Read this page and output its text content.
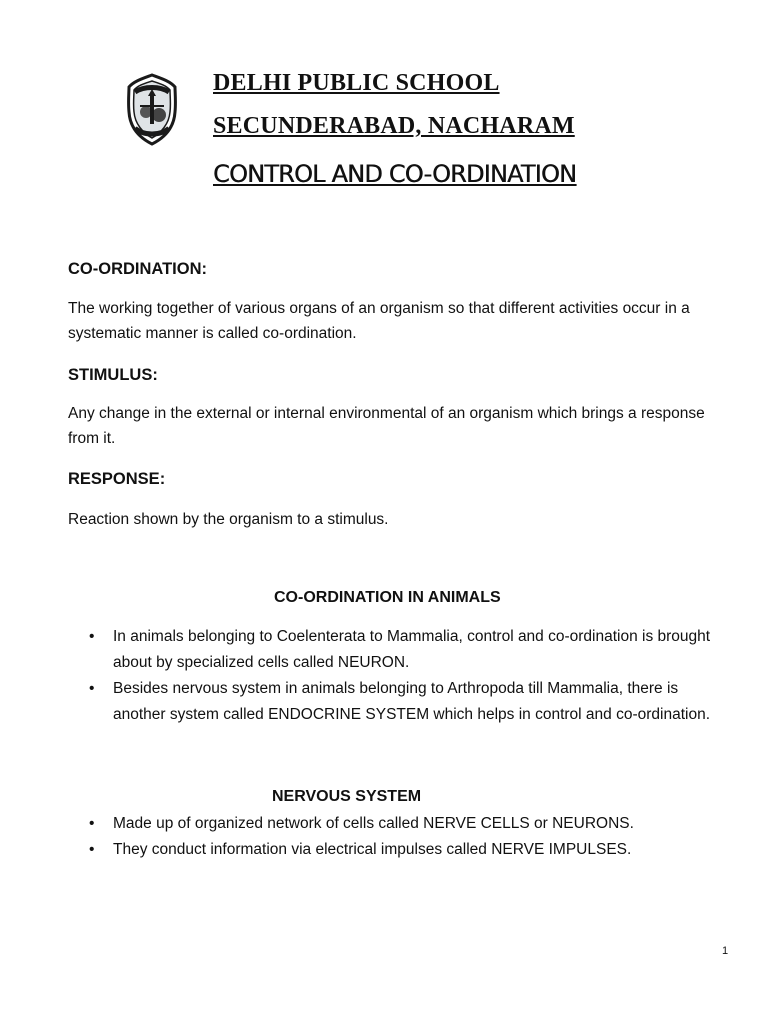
DELHI PUBLIC SCHOOL
SECUNDERABAD, NACHARAM
CONTROL AND CO-ORDINATION
CO-ORDINATION:

The working together of various organs of an organism so that different activities occur in a systematic manner is called co-ordination.

STIMULUS:

Any change in the external or internal environmental of an organism which brings a response from it.

RESPONSE:

Reaction shown by the organism to a stimulus.

CO-ORDINATION IN ANIMALS
• In animals belonging to Coelenterata to Mammalia, control and co-ordination is brought about by specialized cells called NEURON.
• Besides nervous system in animals belonging to Arthropoda till Mammalia, there is another system called ENDOCRINE SYSTEM which helps in control and co-ordination.
NERVOUS SYSTEM
• Made up of organized network of cells called NERVE CELLS or NEURONS.
• They conduct information via electrical impulses called NERVE IMPULSES.
1
